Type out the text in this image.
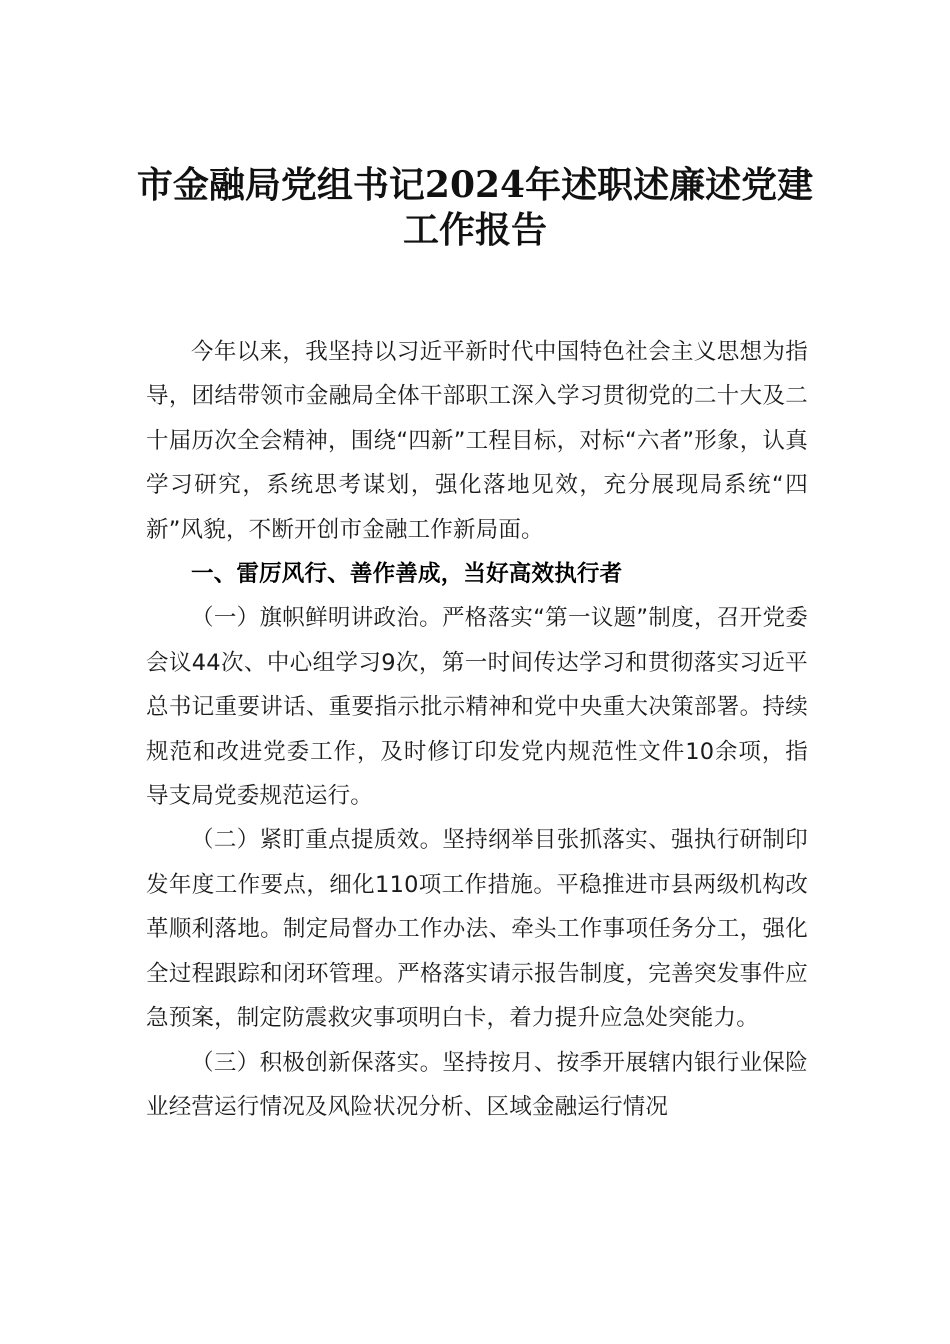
市金融局党组书记2024年述职述廉述党建
工作报告

今年以来，我坚持以习近平新时代中国特色社会主义思想为指导，团结带领市金融局全体干部职工深入学习贯彻党的二十大及二十届历次全会精神，围绕“四新”工程目标，对标“六者”形象，认真学习研究，系统思考谋划，强化落地见效，充分展现局系统“四新”风貌，不断开创市金融工作新局面。

一、雷厉风行、善作善成，当好高效执行者

（一）旗帜鲜明讲政治。严格落实“第一议题”制度，召开党委会议44次、中心组学习9次，第一时间传达学习和贯彻落实习近平总书记重要讲话、重要指示批示精神和党中央重大决策部署。持续规范和改进党委工作，及时修订印发党内规范性文件10余项，指导支局党委规范运行。

（二）紧盯重点提质效。坚持纲举目张抓落实、强执行研制印发年度工作要点，细化110项工作措施。平稳推进市县两级机构改革顺利落地。制定局督办工作办法、牵头工作事项任务分工，强化全过程跟踪和闭环管理。严格落实请示报告制度，完善突发事件应急预案，制定防震救灾事项明白卡，着力提升应急处突能力。

（三）积极创新保落实。坚持按月、按季开展辖内银行业保险业经营运行情况及风险状况分析、区域金融运行情况
